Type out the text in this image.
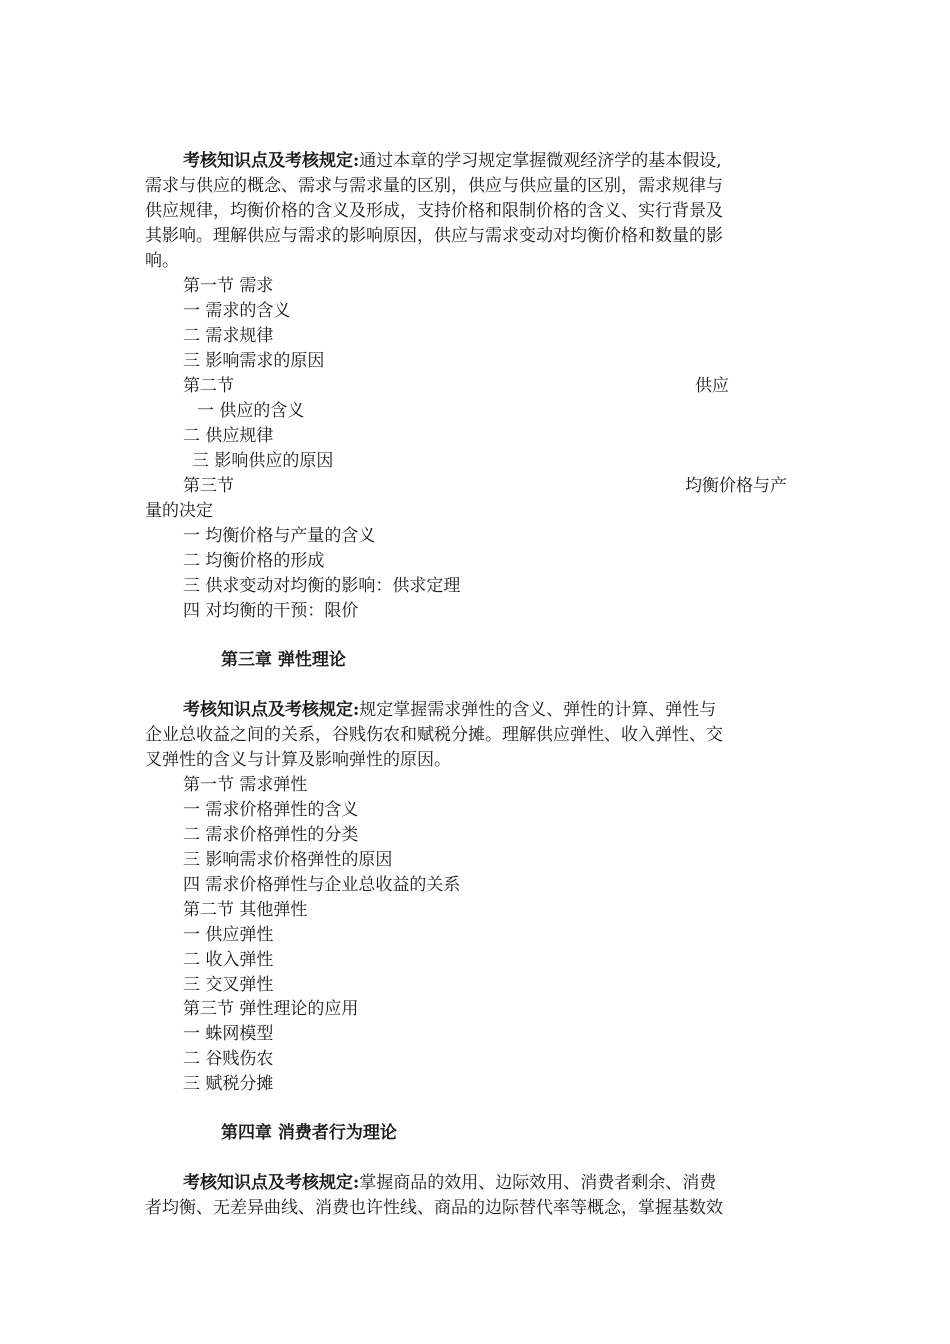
考核知识点及考核规定:通过本章的学习规定掌握微观经济学的基本假设,
需求与供应的概念、需求与需求量的区别，供应与供应量的区别，需求规律与
供应规律，均衡价格的含义及形成，支持价格和限制价格的含义、实行背景及
其影响。理解供应与需求的影响原因，供应与需求变动对均衡价格和数量的影
响。
第一节 需求
一 需求的含义
二 需求规律
三 影响需求的原因
第二节	供应
一 供应的含义
二 供应规律
三 影响供应的原因
第三节	均衡价格与产
量的决定
一 均衡价格与产量的含义
二 均衡价格的形成
三 供求变动对均衡的影响：供求定理
四 对均衡的干预：限价
第三章 弹性理论
考核知识点及考核规定:规定掌握需求弹性的含义、弹性的计算、弹性与
企业总收益之间的关系，谷贱伤农和赋税分摊。理解供应弹性、收入弹性、交
叉弹性的含义与计算及影响弹性的原因。
第一节 需求弹性
一 需求价格弹性的含义
二 需求价格弹性的分类
三 影响需求价格弹性的原因
四 需求价格弹性与企业总收益的关系
第二节 其他弹性
一 供应弹性
二 收入弹性
三 交叉弹性
第三节 弹性理论的应用
一 蛛网模型
二 谷贱伤农
三 赋税分摊
第四章 消费者行为理论
考核知识点及考核规定:掌握商品的效用、边际效用、消费者剩余、消费
者均衡、无差异曲线、消费也许性线、商品的边际替代率等概念，掌握基数效
